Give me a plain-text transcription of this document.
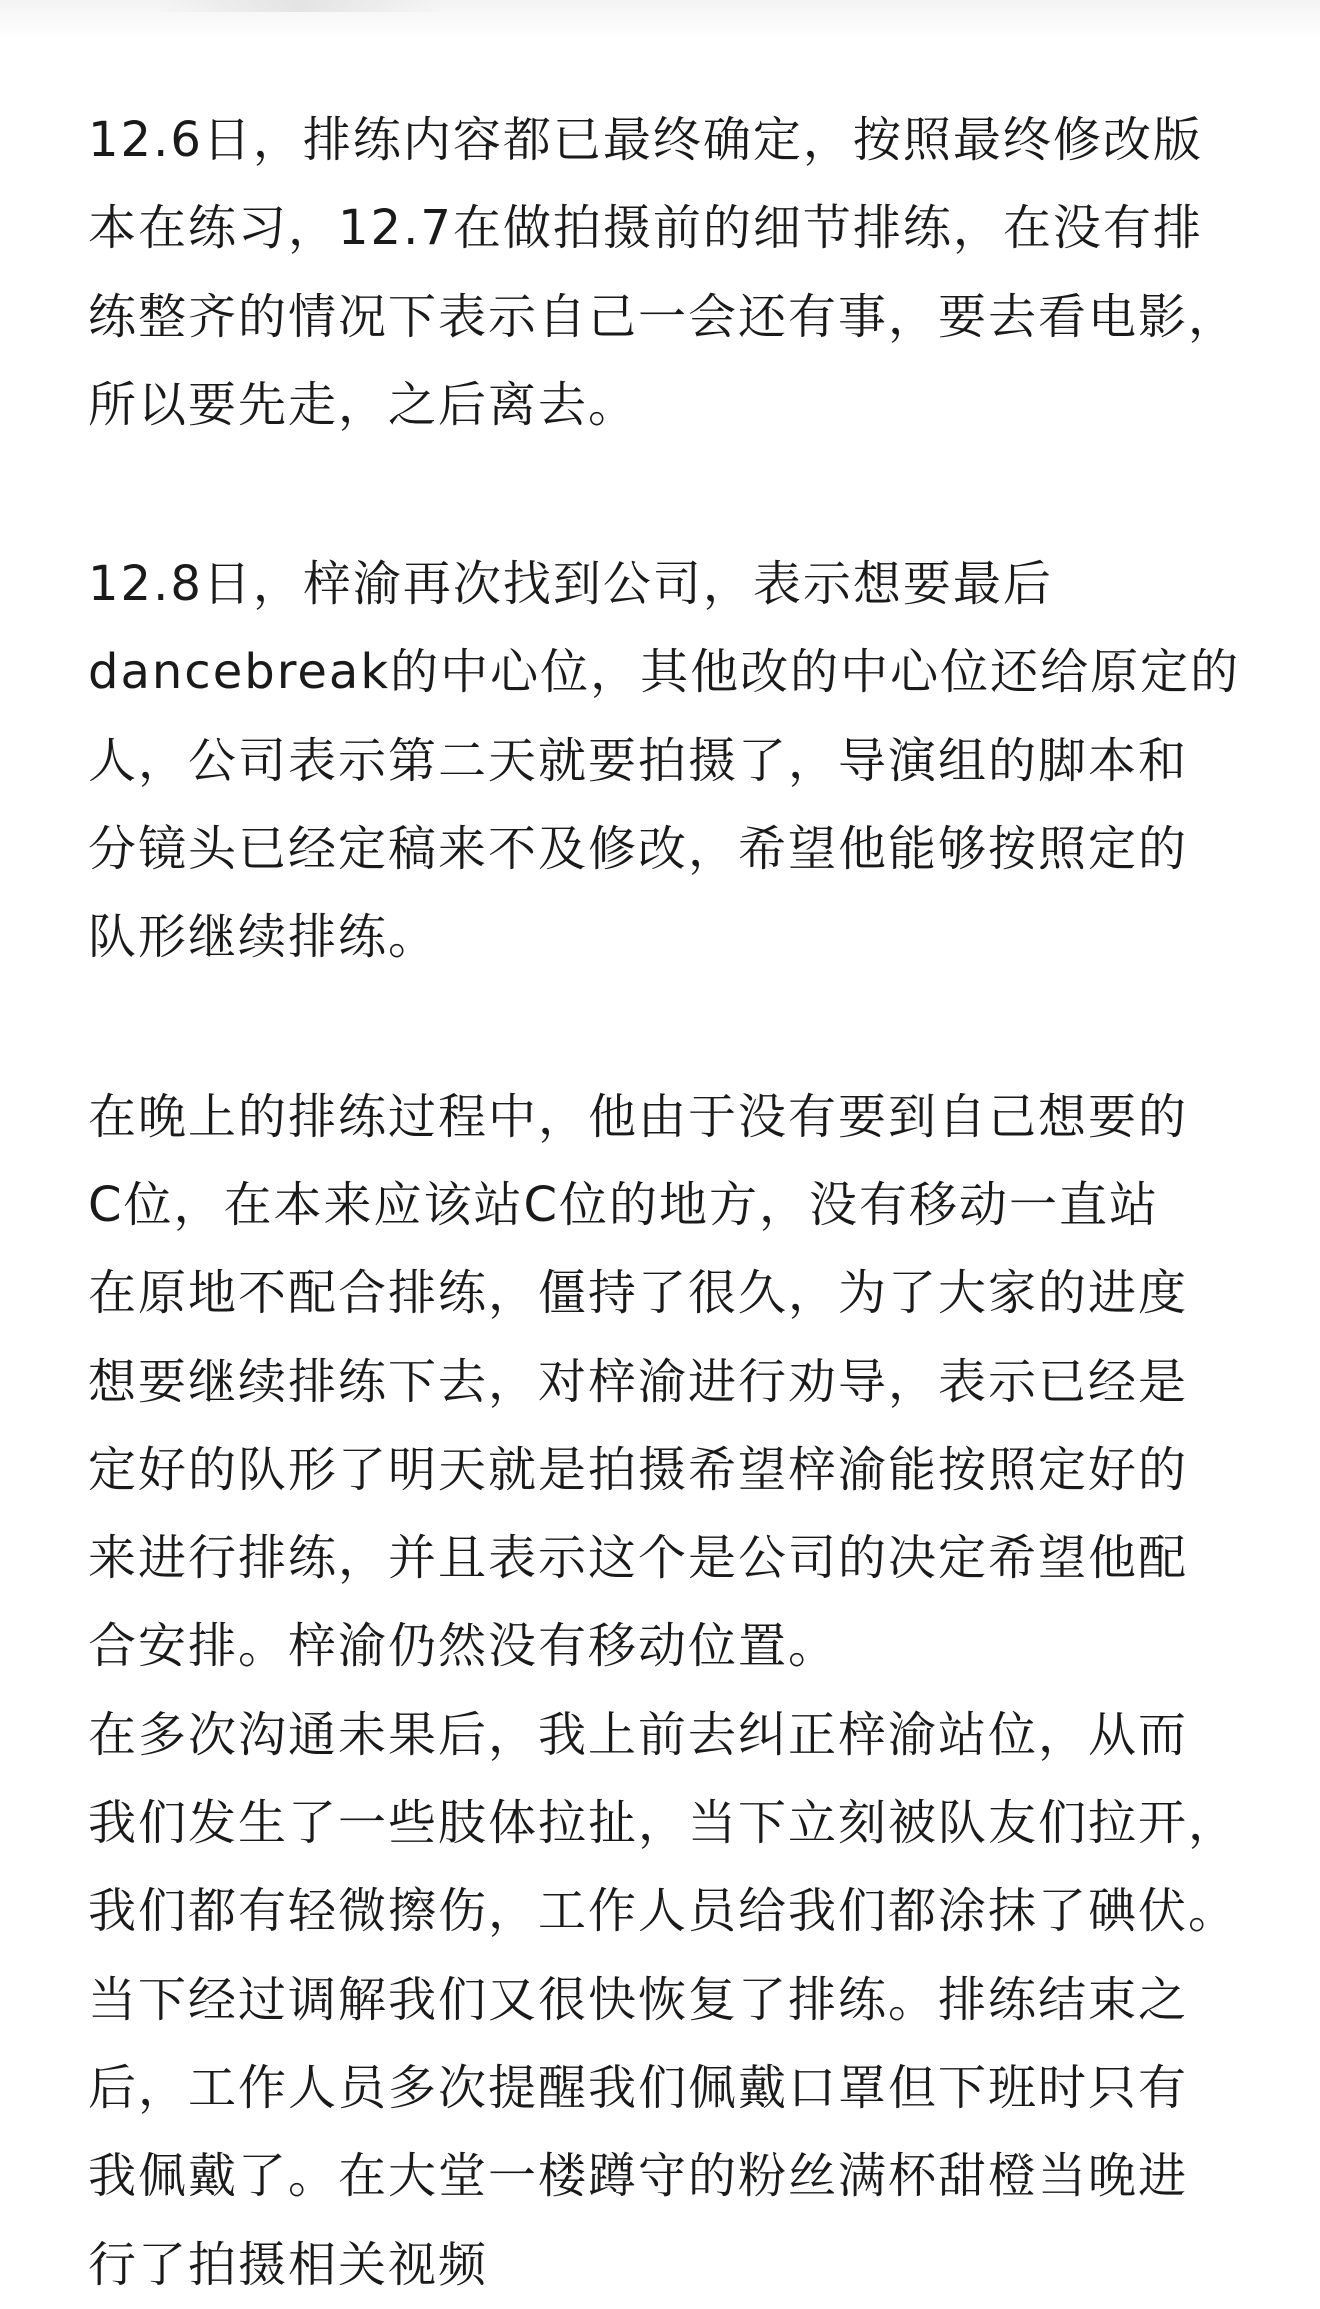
12.6日，排练内容都已最终确定，按照最终修改版
本在练习，12.7在做拍摄前的细节排练，在没有排
练整齐的情况下表示自己一会还有事，要去看电影，
所以要先走，之后离去。
12.8日，梓渝再次找到公司，表示想要最后
dancebreak的中心位，其他改的中心位还给原定的
人，公司表示第二天就要拍摄了，导演组的脚本和
分镜头已经定稿来不及修改，希望他能够按照定的
队形继续排练。
在晚上的排练过程中，他由于没有要到自己想要的
C位，在本来应该站C位的地方，没有移动一直站
在原地不配合排练，僵持了很久，为了大家的进度
想要继续排练下去，对梓渝进行劝导，表示已经是
定好的队形了明天就是拍摄希望梓渝能按照定好的
来进行排练，并且表示这个是公司的决定希望他配
合安排。梓渝仍然没有移动位置。
在多次沟通未果后，我上前去纠正梓渝站位，从而
我们发生了一些肢体拉扯，当下立刻被队友们拉开，
我们都有轻微擦伤，工作人员给我们都涂抹了碘伏。
当下经过调解我们又很快恢复了排练。排练结束之
后，工作人员多次提醒我们佩戴口罩但下班时只有
我佩戴了。在大堂一楼蹲守的粉丝满杯甜橙当晚进
行了拍摄相关视频
